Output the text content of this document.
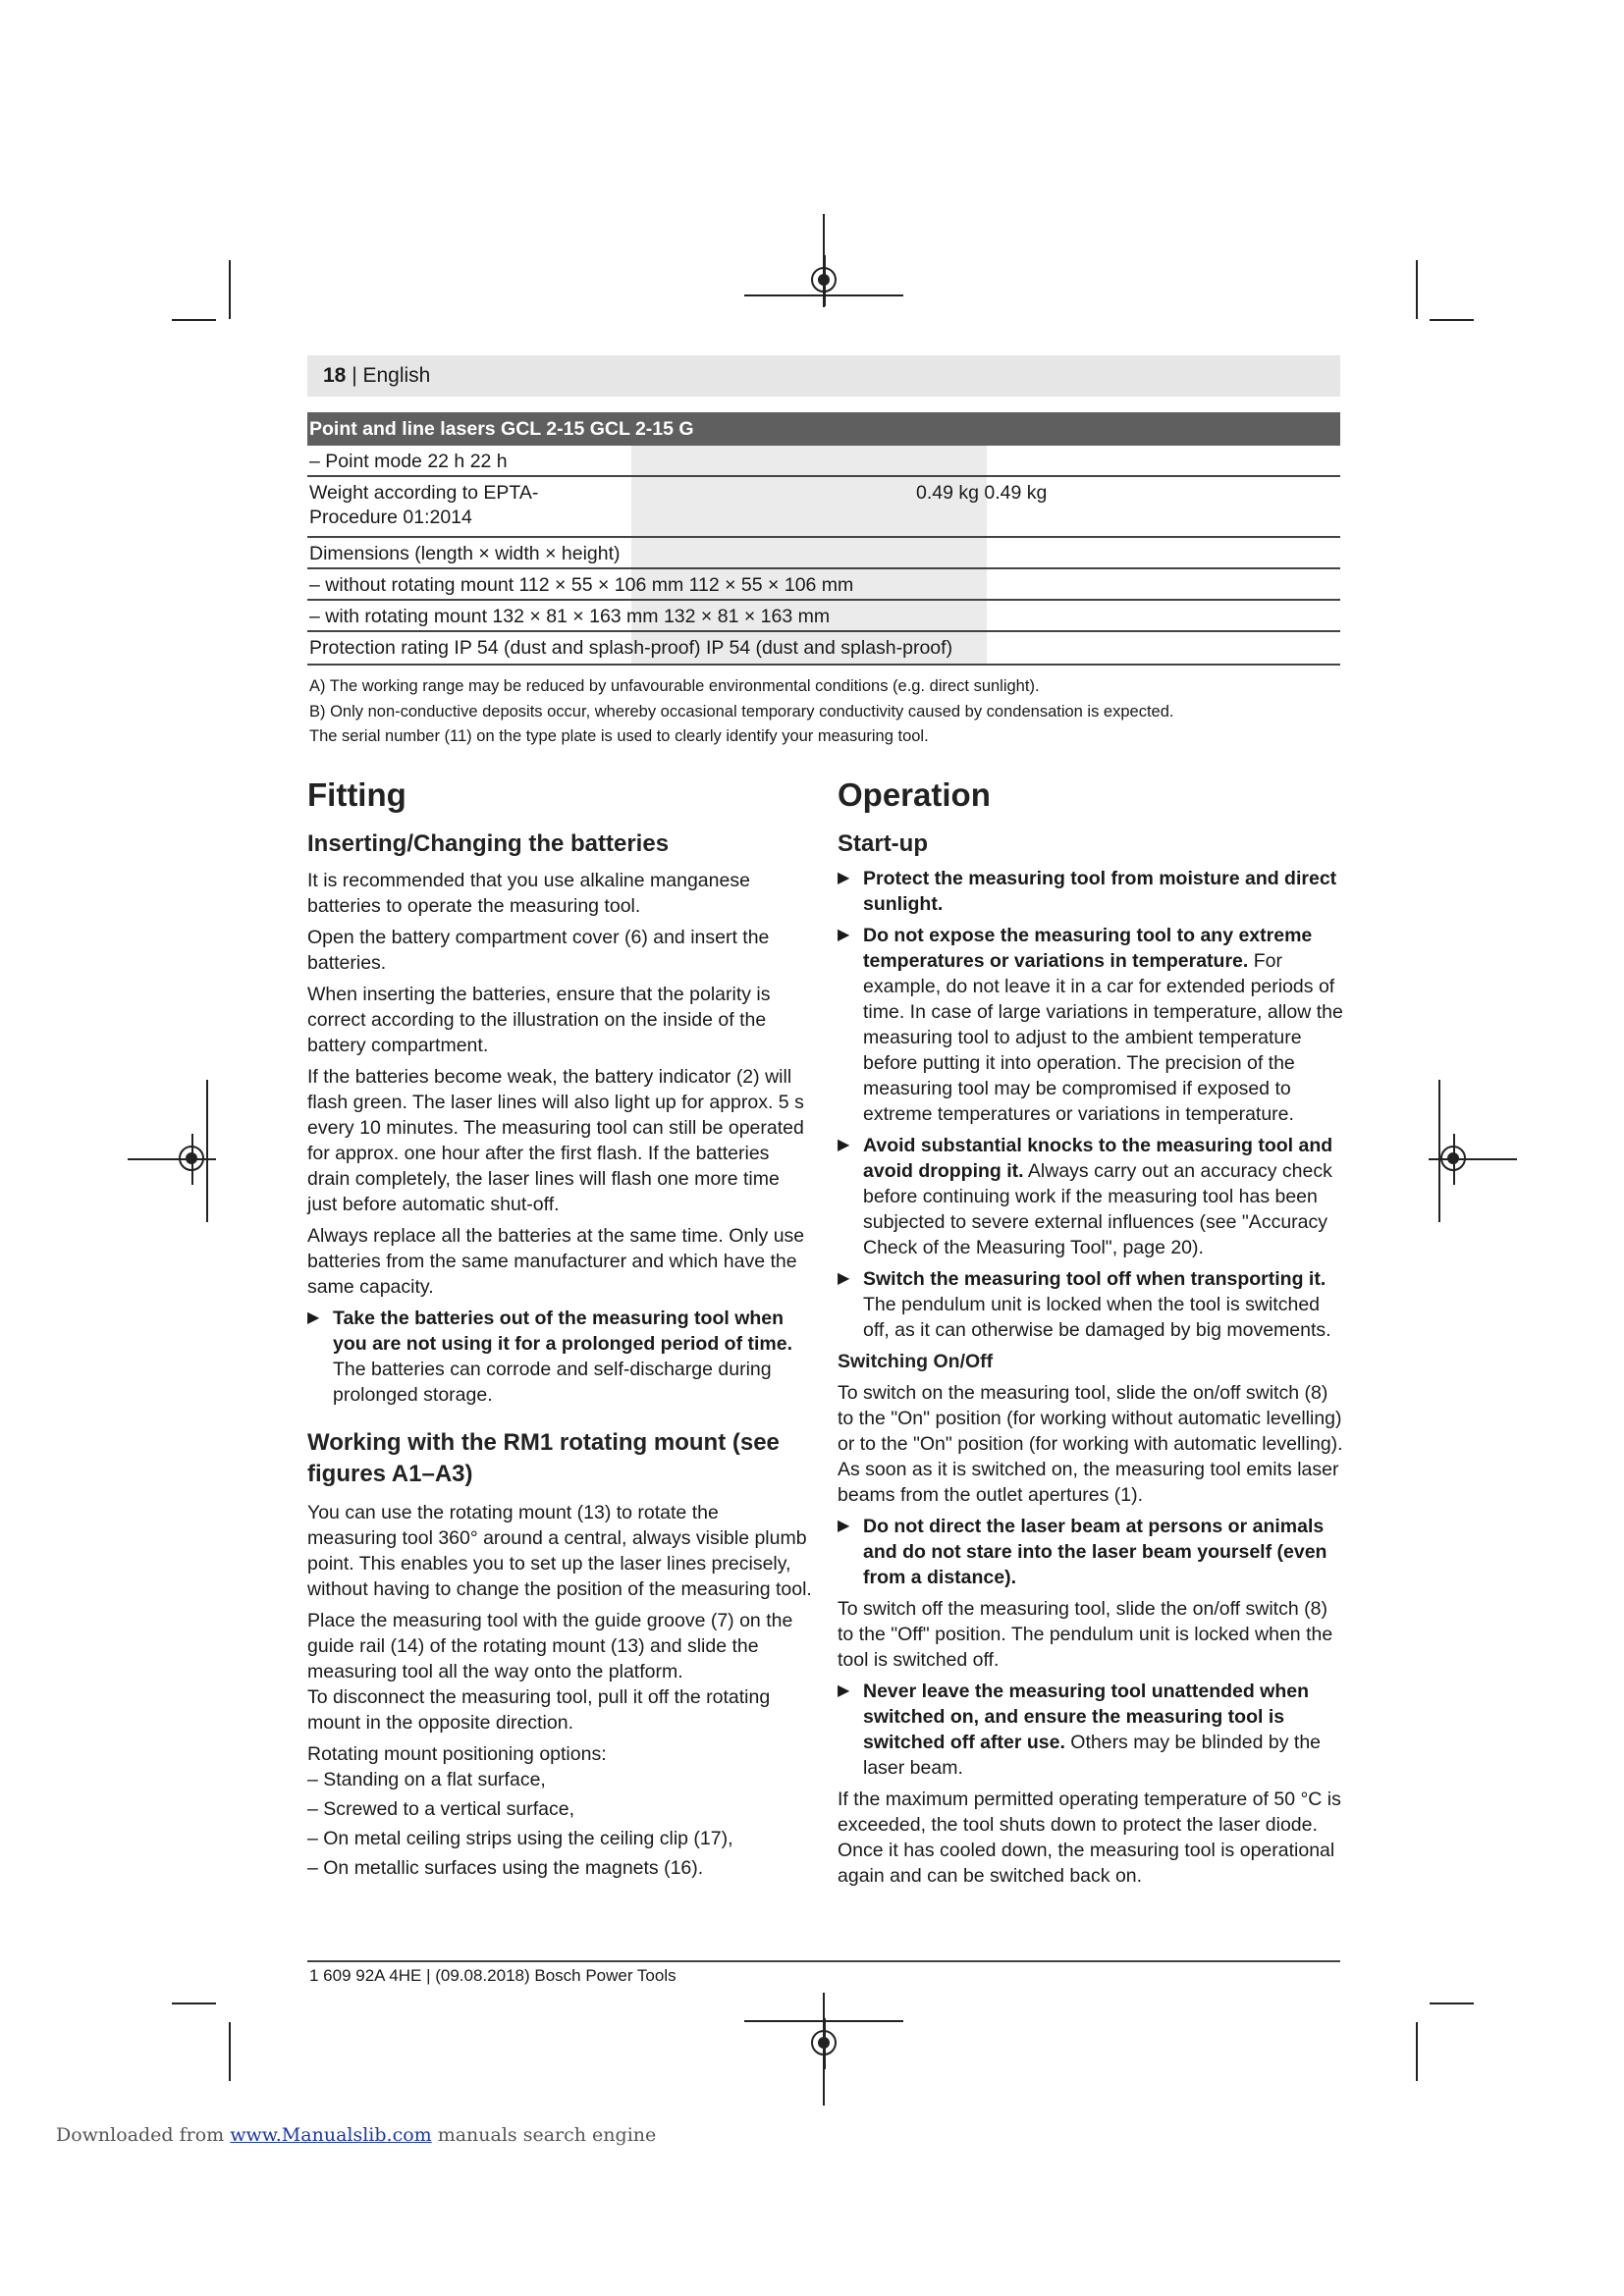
18 | English
Point and line lasers GCL 2-15 GCL 2-15 G
– Point mode 22 h 22 h
Weight according to EPTA-Procedure 01:2014
0.49 kg 0.49 kg
Dimensions (length × width × height)
– without rotating mount 112 × 55 × 106 mm 112 × 55 × 106 mm
– with rotating mount 132 × 81 × 163 mm 132 × 81 × 163 mm
Protection rating IP 54 (dust and splash-proof) IP 54 (dust and splash-proof)
A) The working range may be reduced by unfavourable environmental conditions (e.g. direct sunlight).
B) Only non-conductive deposits occur, whereby occasional temporary conductivity caused by condensation is expected.
The serial number (11) on the type plate is used to clearly identify your measuring tool.
Fitting
Inserting/Changing the batteries

It is recommended that you use alkaline manganese batteries to operate the measuring tool.

Open the battery compartment cover (6) and insert the batteries.

When inserting the batteries, ensure that the polarity is correct according to the illustration on the inside of the battery compartment.

If the batteries become weak, the battery indicator (2) will flash green. The laser lines will also light up for approx. 5 s every 10 minutes. The measuring tool can still be operated for approx. one hour after the first flash. If the batteries drain completely, the laser lines will flash one more time just before automatic shut-off.

Always replace all the batteries at the same time. Only use batteries from the same manufacturer and which have the same capacity.

▶ Take the batteries out of the measuring tool when you are not using it for a prolonged period of time. The batteries can corrode and self-discharge during prolonged storage.
Working with the RM1 rotating mount (see figures A1–A3)

You can use the rotating mount (13) to rotate the measuring tool 360° around a central, always visible plumb point. This enables you to set up the laser lines precisely, without having to change the position of the measuring tool.

Place the measuring tool with the guide groove (7) on the guide rail (14) of the rotating mount (13) and slide the measuring tool all the way onto the platform.

To disconnect the measuring tool, pull it off the rotating mount in the opposite direction.

Rotating mount positioning options:

– Standing on a flat surface,
– Screwed to a vertical surface,
– On metal ceiling strips using the ceiling clip (17),
– On metallic surfaces using the magnets (16).
Operation
Start-up
▶ Protect the measuring tool from moisture and direct sunlight.
▶ Do not expose the measuring tool to any extreme temperatures or variations in temperature. For example, do not leave it in a car for extended periods of time. In case of large variations in temperature, allow the measuring tool to adjust to the ambient temperature before putting it into operation. The precision of the measuring tool may be compromised if exposed to extreme temperatures or variations in temperature.
▶ Avoid substantial knocks to the measuring tool and avoid dropping it. Always carry out an accuracy check before continuing work if the measuring tool has been subjected to severe external influences (see "Accuracy Check of the Measuring Tool", page 20).
▶ Switch the measuring tool off when transporting it. The pendulum unit is locked when the tool is switched off, as it can otherwise be damaged by big movements.
Switching On/Off

To switch on the measuring tool, slide the on/off switch (8) to the "On" position (for working without automatic levelling) or to the "On" position (for working with automatic levelling). As soon as it is switched on, the measuring tool emits laser beams from the outlet apertures (1).

▶ Do not direct the laser beam at persons or animals and do not stare into the laser beam yourself (even from a distance).

To switch off the measuring tool, slide the on/off switch (8) to the "Off" position. The pendulum unit is locked when the tool is switched off.

▶ Never leave the measuring tool unattended when switched on, and ensure the measuring tool is switched off after use. Others may be blinded by the laser beam.

If the maximum permitted operating temperature of 50 °C is exceeded, the tool shuts down to protect the laser diode. Once it has cooled down, the measuring tool is operational again and can be switched back on.

1 609 92A 4HE | (09.08.2018) Bosch Power Tools
Downloaded from www.Manualslib.com manuals search engine
